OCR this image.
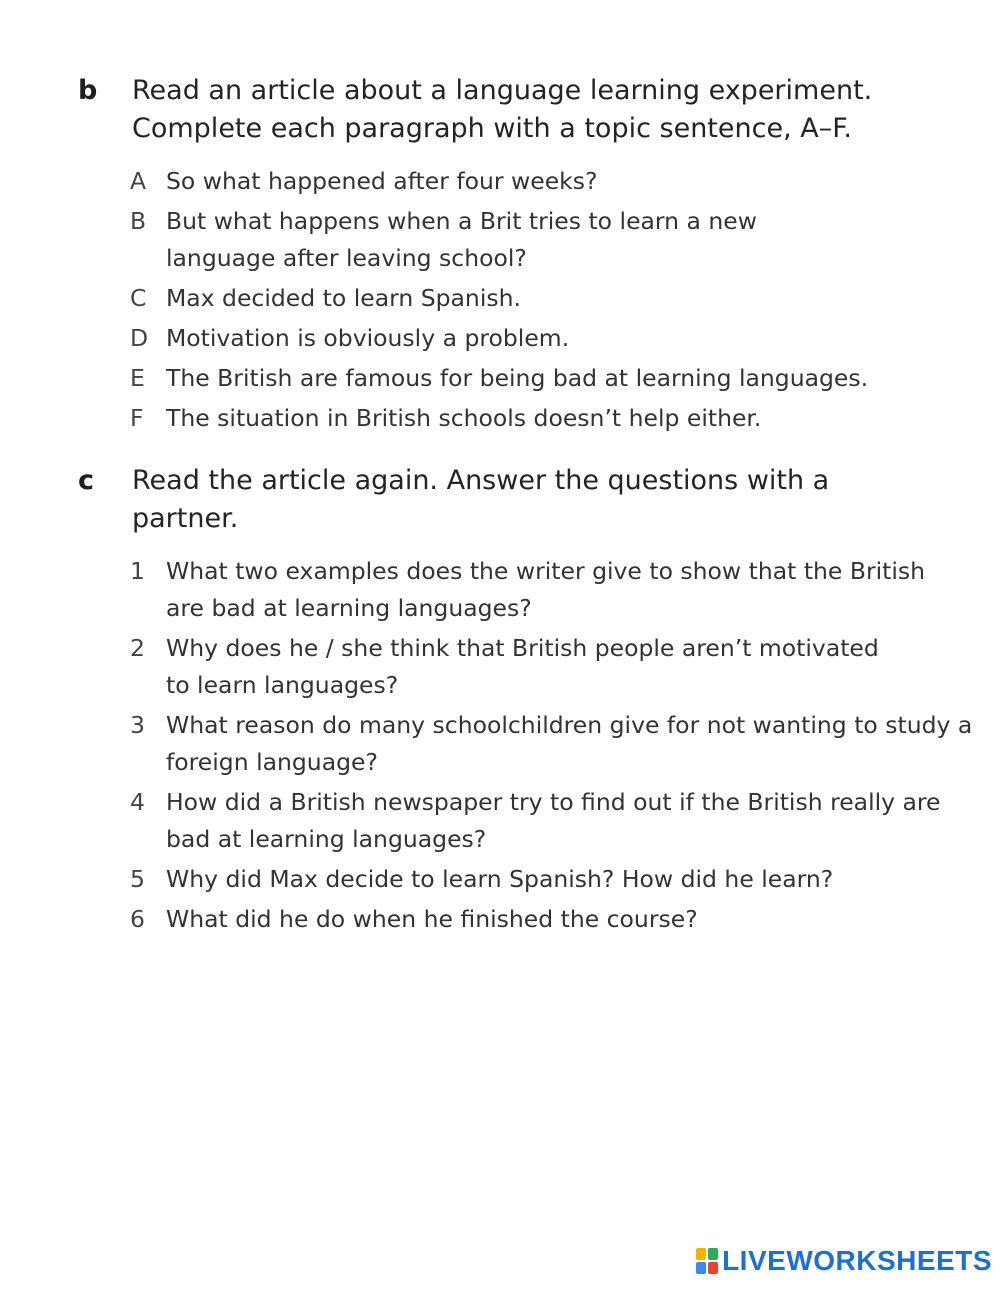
b Read an article about a language learning experiment.
Complete each paragraph with a topic sentence, A–F.
A So what happened after four weeks?
B But what happens when a Brit tries to learn a new language after leaving school?
C Max decided to learn Spanish.
D Motivation is obviously a problem.
E The British are famous for being bad at learning languages.
F The situation in British schools doesn’t help either.
c Read the article again. Answer the questions with a partner.
1 What two examples does the writer give to show that the British are bad at learning languages?
2 Why does he / she think that British people aren’t motivated to learn languages?
3 What reason do many schoolchildren give for not wanting to study a foreign language?
4 How did a British newspaper try to find out if the British really are bad at learning languages?
5 Why did Max decide to learn Spanish? How did he learn?
6 What did he do when he finished the course?
LIVEWORKSHEETS
